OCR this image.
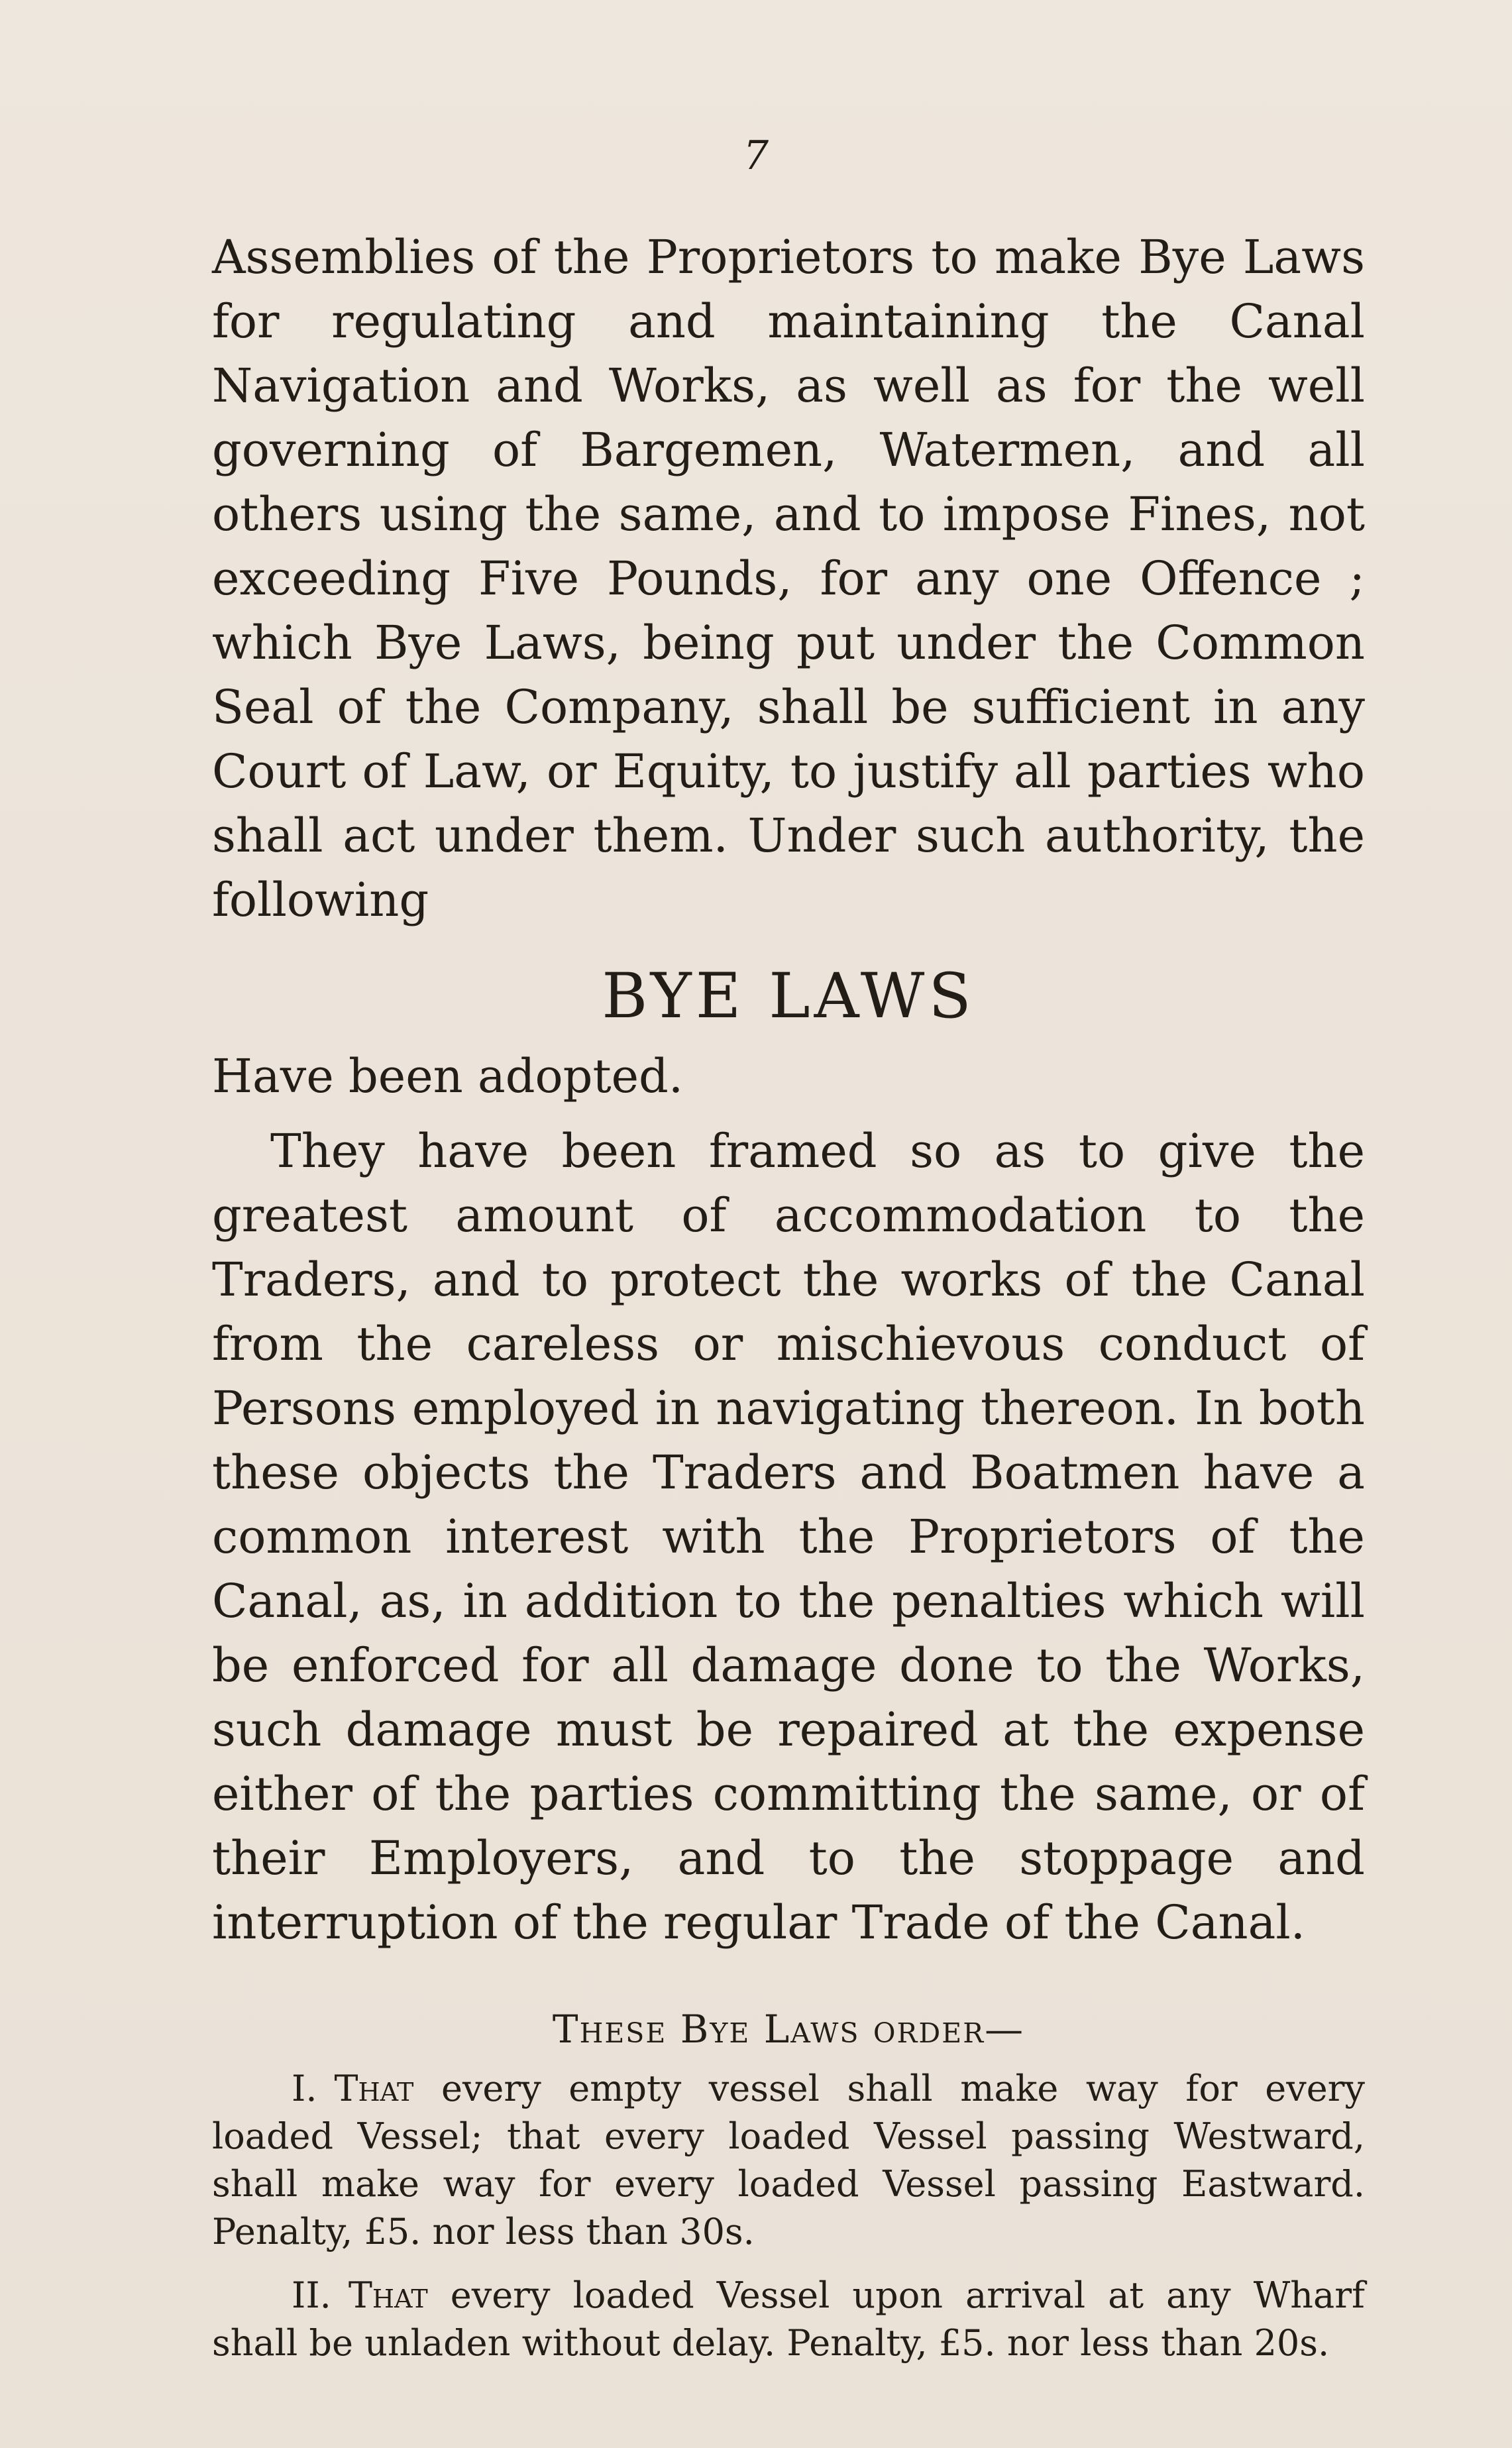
7

Assemblies of the Proprietors to make Bye Laws for regulating and maintaining the Canal Navigation and Works, as well as for the well governing of Bargemen, Watermen, and all others using the same, and to impose Fines, not exceeding Five Pounds, for any one Offence ; which Bye Laws, being put under the Common Seal of the Company, shall be sufficient in any Court of Law, or Equity, to justify all parties who shall act under them. Under such authority, the following

BYE LAWS

Have been adopted.

They have been framed so as to give the greatest amount of accommodation to the Traders, and to protect the works of the Canal from the careless or mischievous conduct of Persons employed in navigating thereon. In both these objects the Traders and Boatmen have a common interest with the Proprietors of the Canal, as, in addition to the penalties which will be enforced for all damage done to the Works, such damage must be repaired at the expense either of the parties committing the same, or of their Employers, and to the stoppage and interruption of the regular Trade of the Canal.

These Bye Laws order—

I. That every empty vessel shall make way for every loaded Vessel; that every loaded Vessel passing Westward, shall make way for every loaded Vessel passing Eastward. Penalty, £5. nor less than 30s.

II. That every loaded Vessel upon arrival at any Wharf shall be unladen without delay. Penalty, £5. nor less than 20s.
